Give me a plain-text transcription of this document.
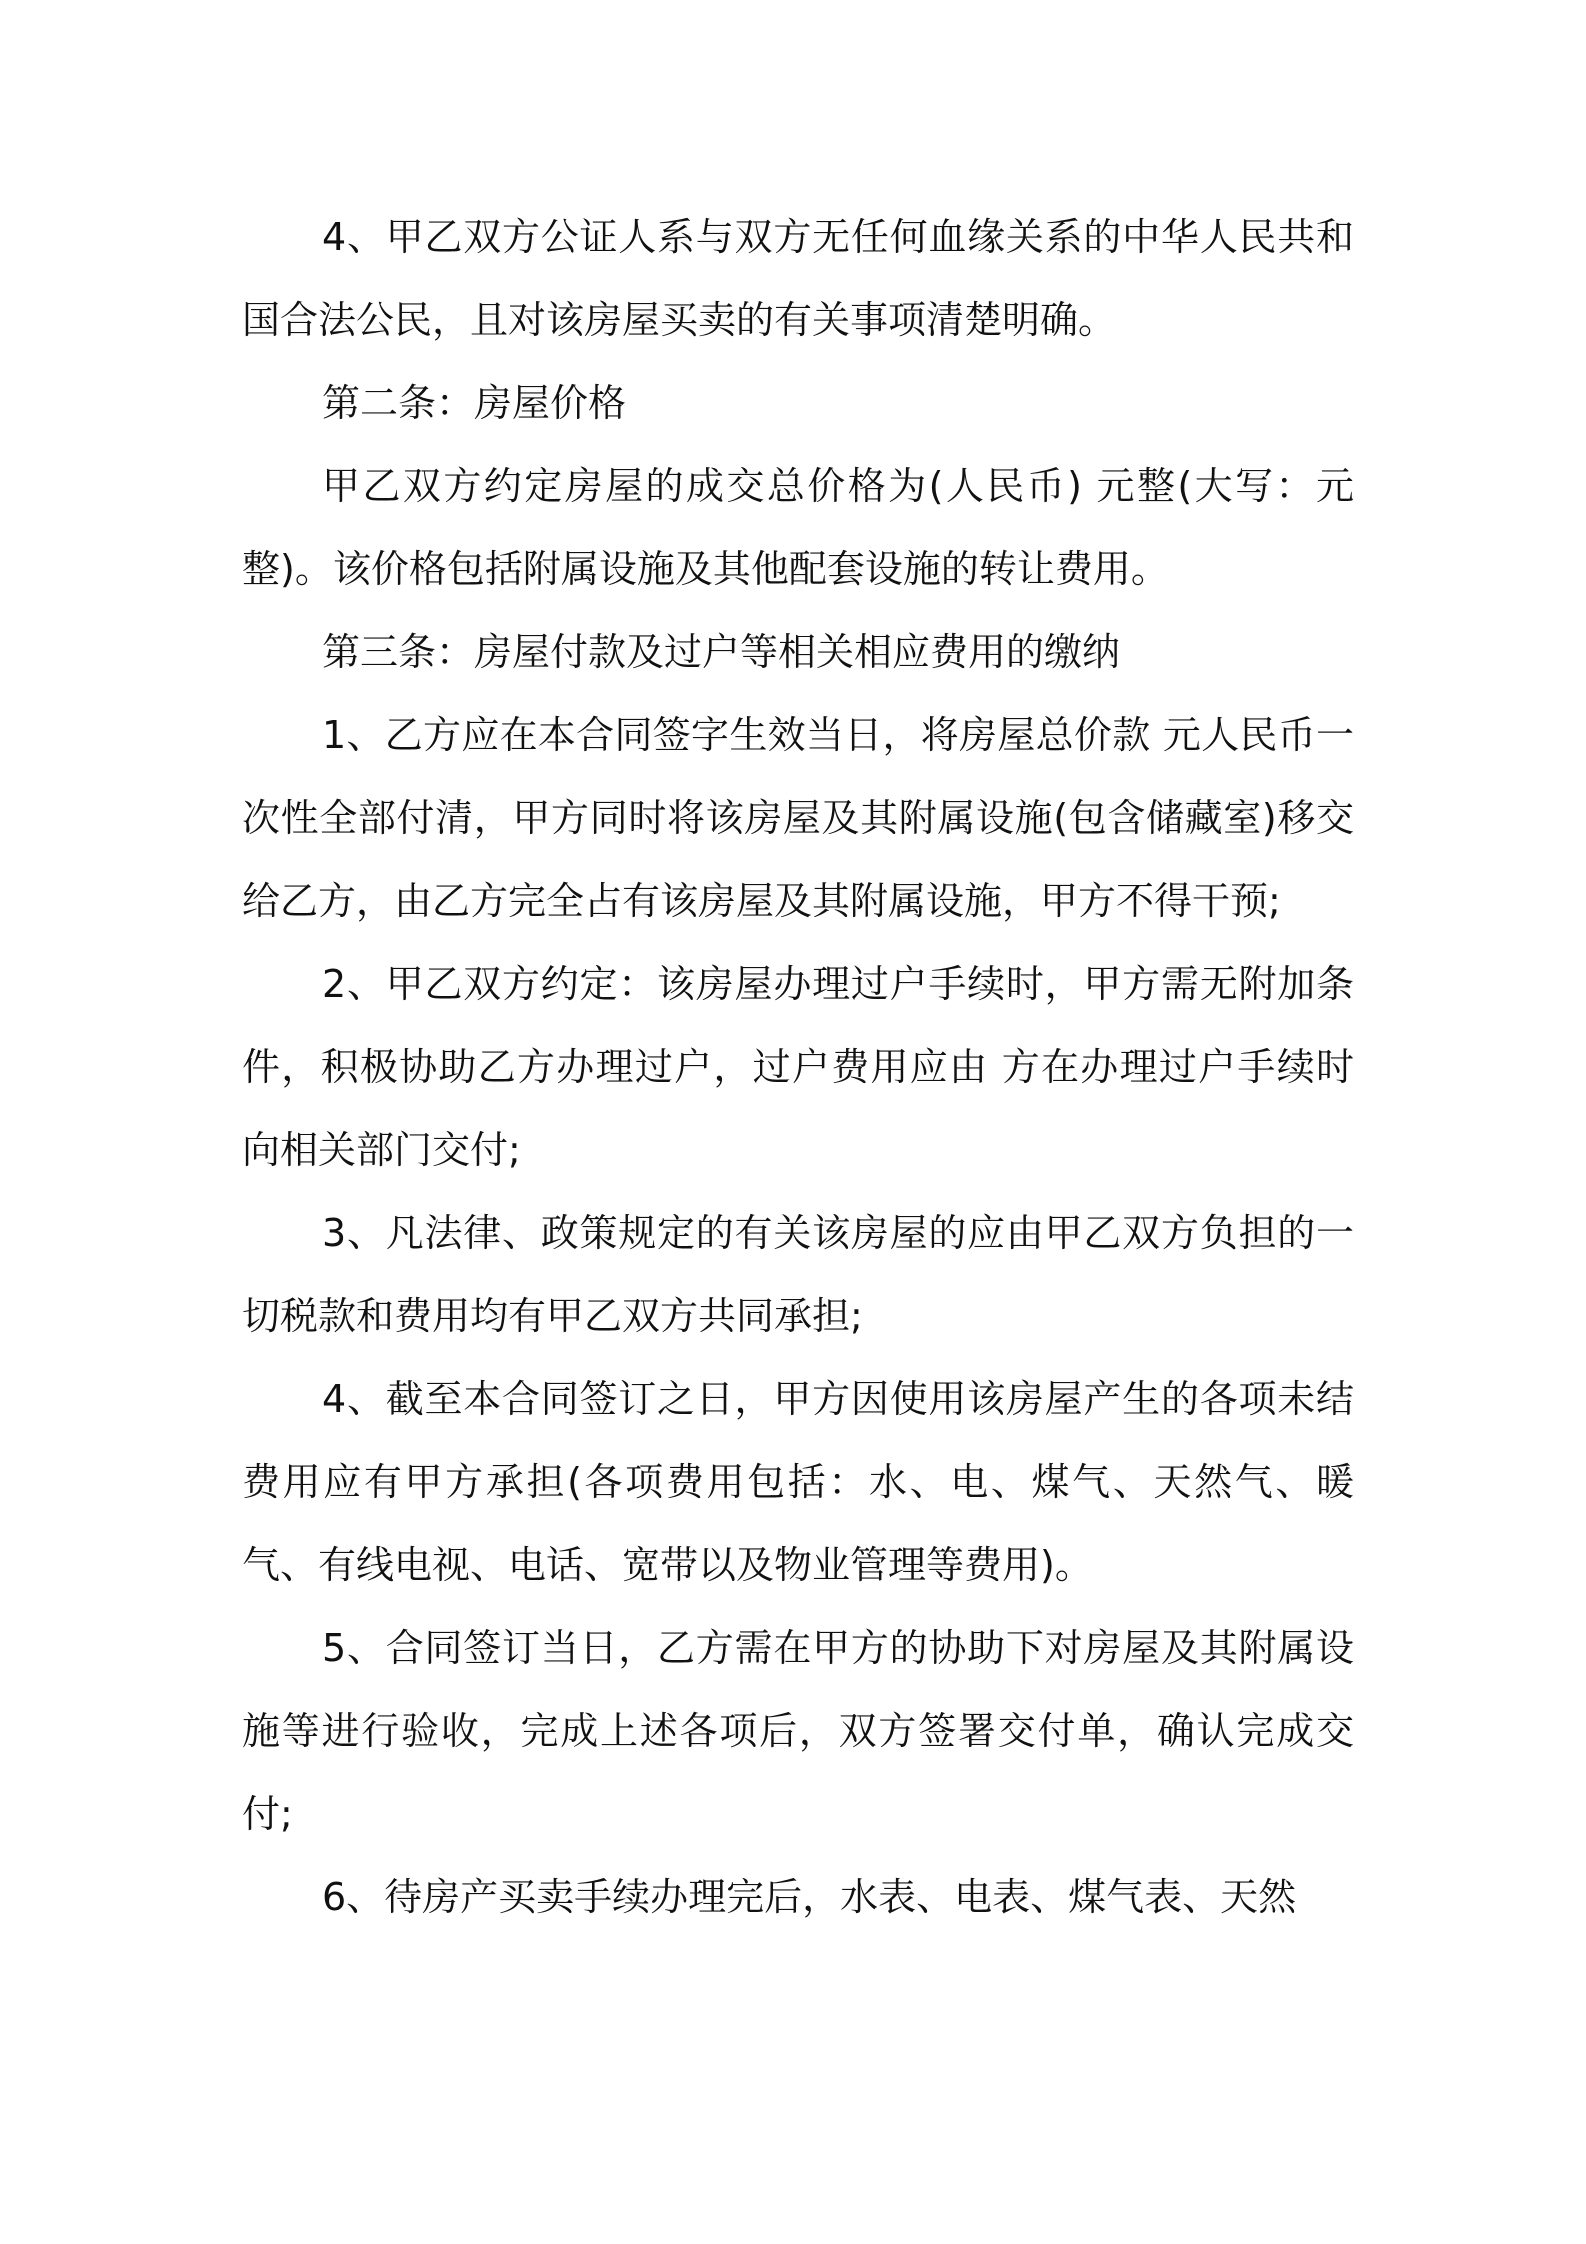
4、甲乙双方公证人系与双方无任何血缘关系的中华人民共和国合法公民，且对该房屋买卖的有关事项清楚明确。

第二条：房屋价格

甲乙双方约定房屋的成交总价格为(人民币) 元整(大写：元整)。该价格包括附属设施及其他配套设施的转让费用。

第三条：房屋付款及过户等相关相应费用的缴纳

1、乙方应在本合同签字生效当日，将房屋总价款 元人民币一次性全部付清，甲方同时将该房屋及其附属设施(包含储藏室)移交给乙方，由乙方完全占有该房屋及其附属设施，甲方不得干预;

2、甲乙双方约定：该房屋办理过户手续时，甲方需无附加条件，积极协助乙方办理过户，过户费用应由 方在办理过户手续时向相关部门交付;

3、凡法律、政策规定的有关该房屋的应由甲乙双方负担的一切税款和费用均有甲乙双方共同承担;

4、截至本合同签订之日，甲方因使用该房屋产生的各项未结费用应有甲方承担(各项费用包括：水、电、煤气、天然气、暖气、有线电视、电话、宽带以及物业管理等费用)。

5、合同签订当日，乙方需在甲方的协助下对房屋及其附属设施等进行验收，完成上述各项后，双方签署交付单，确认完成交付;

6、待房产买卖手续办理完后，水表、电表、煤气表、天然
